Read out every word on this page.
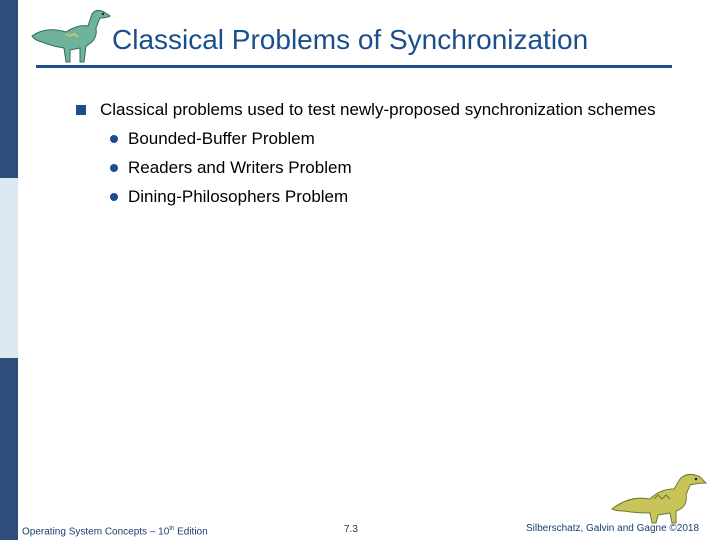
Classical Problems of Synchronization
Classical problems used to test newly-proposed synchronization schemes
Bounded-Buffer Problem
Readers and Writers Problem
Dining-Philosophers Problem
Operating System Concepts – 10th Edition	7.3	Silberschatz, Galvin and Gagne ©2018
